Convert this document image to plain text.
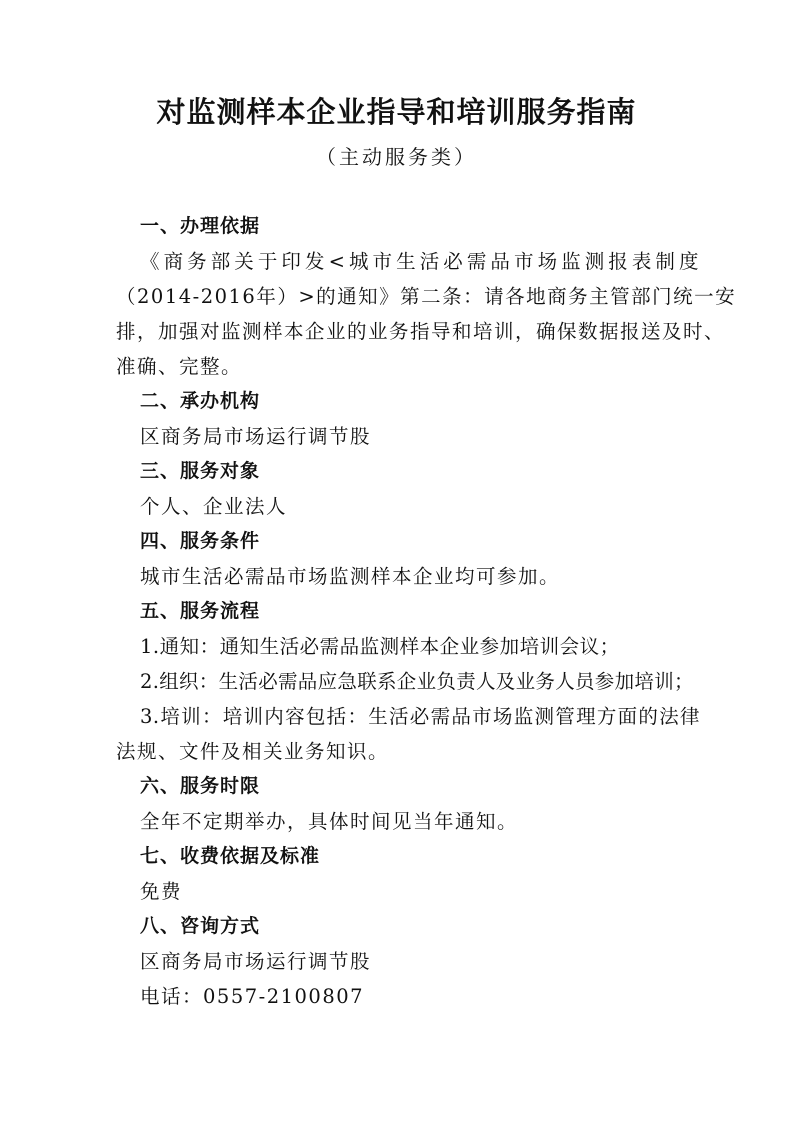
对监测样本企业指导和培训服务指南
（主动服务类）
一、办理依据
《商务部关于印发<城市生活必需品市场监测报表制度
（2014-2016年）>的通知》第二条：请各地商务主管部门统一安
排，加强对监测样本企业的业务指导和培训，确保数据报送及时、
准确、完整。
二、承办机构
区商务局市场运行调节股
三、服务对象
个人、企业法人
四、服务条件
城市生活必需品市场监测样本企业均可参加。
五、服务流程
1.通知：通知生活必需品监测样本企业参加培训会议；
2.组织：生活必需品应急联系企业负责人及业务人员参加培训；
3.培训：培训内容包括：生活必需品市场监测管理方面的法律
法规、文件及相关业务知识。
六、服务时限
全年不定期举办，具体时间见当年通知。
七、收费依据及标准
免费
八、咨询方式
区商务局市场运行调节股
电话：0557-2100807
